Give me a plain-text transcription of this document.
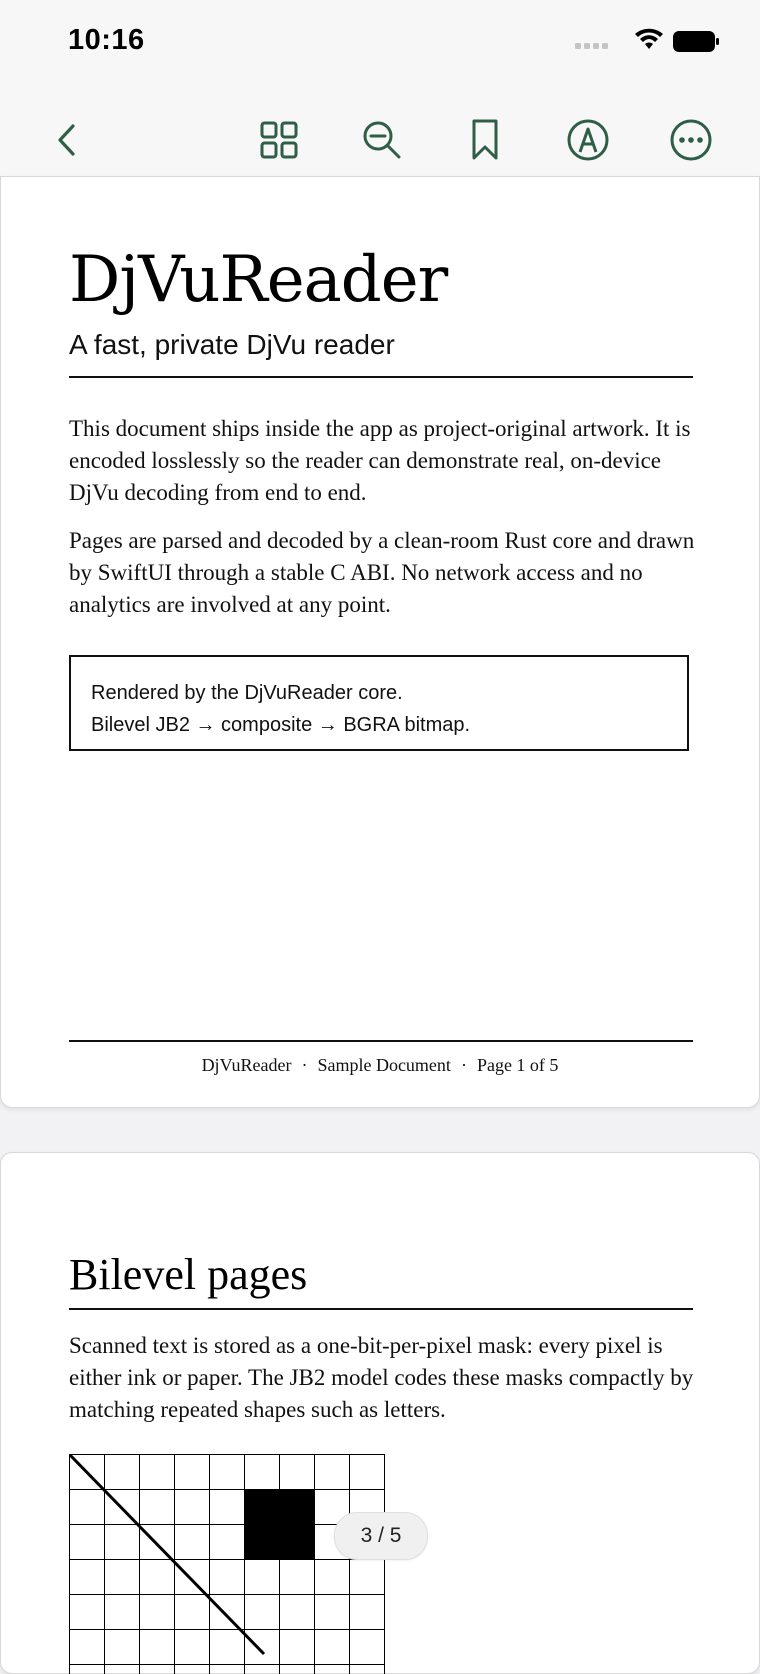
10:16
DjVuReader
A fast, private DjVu reader

This document ships inside the app as project-original artwork. It is encoded losslessly so the reader can demonstrate real, on-device DjVu decoding from end to end.

Pages are parsed and decoded by a clean-room Rust core and drawn by SwiftUI through a stable C ABI. No network access and no analytics are involved at any point.

Rendered by the DjVuReader core.
Bilevel JB2 → composite → BGRA bitmap.
DjVuReader · Sample Document · Page 1 of 5
Bilevel pages

Scanned text is stored as a one-bit-per-pixel mask: every pixel is either ink or paper. The JB2 model codes these masks compactly by matching repeated shapes such as letters.

3 / 5
